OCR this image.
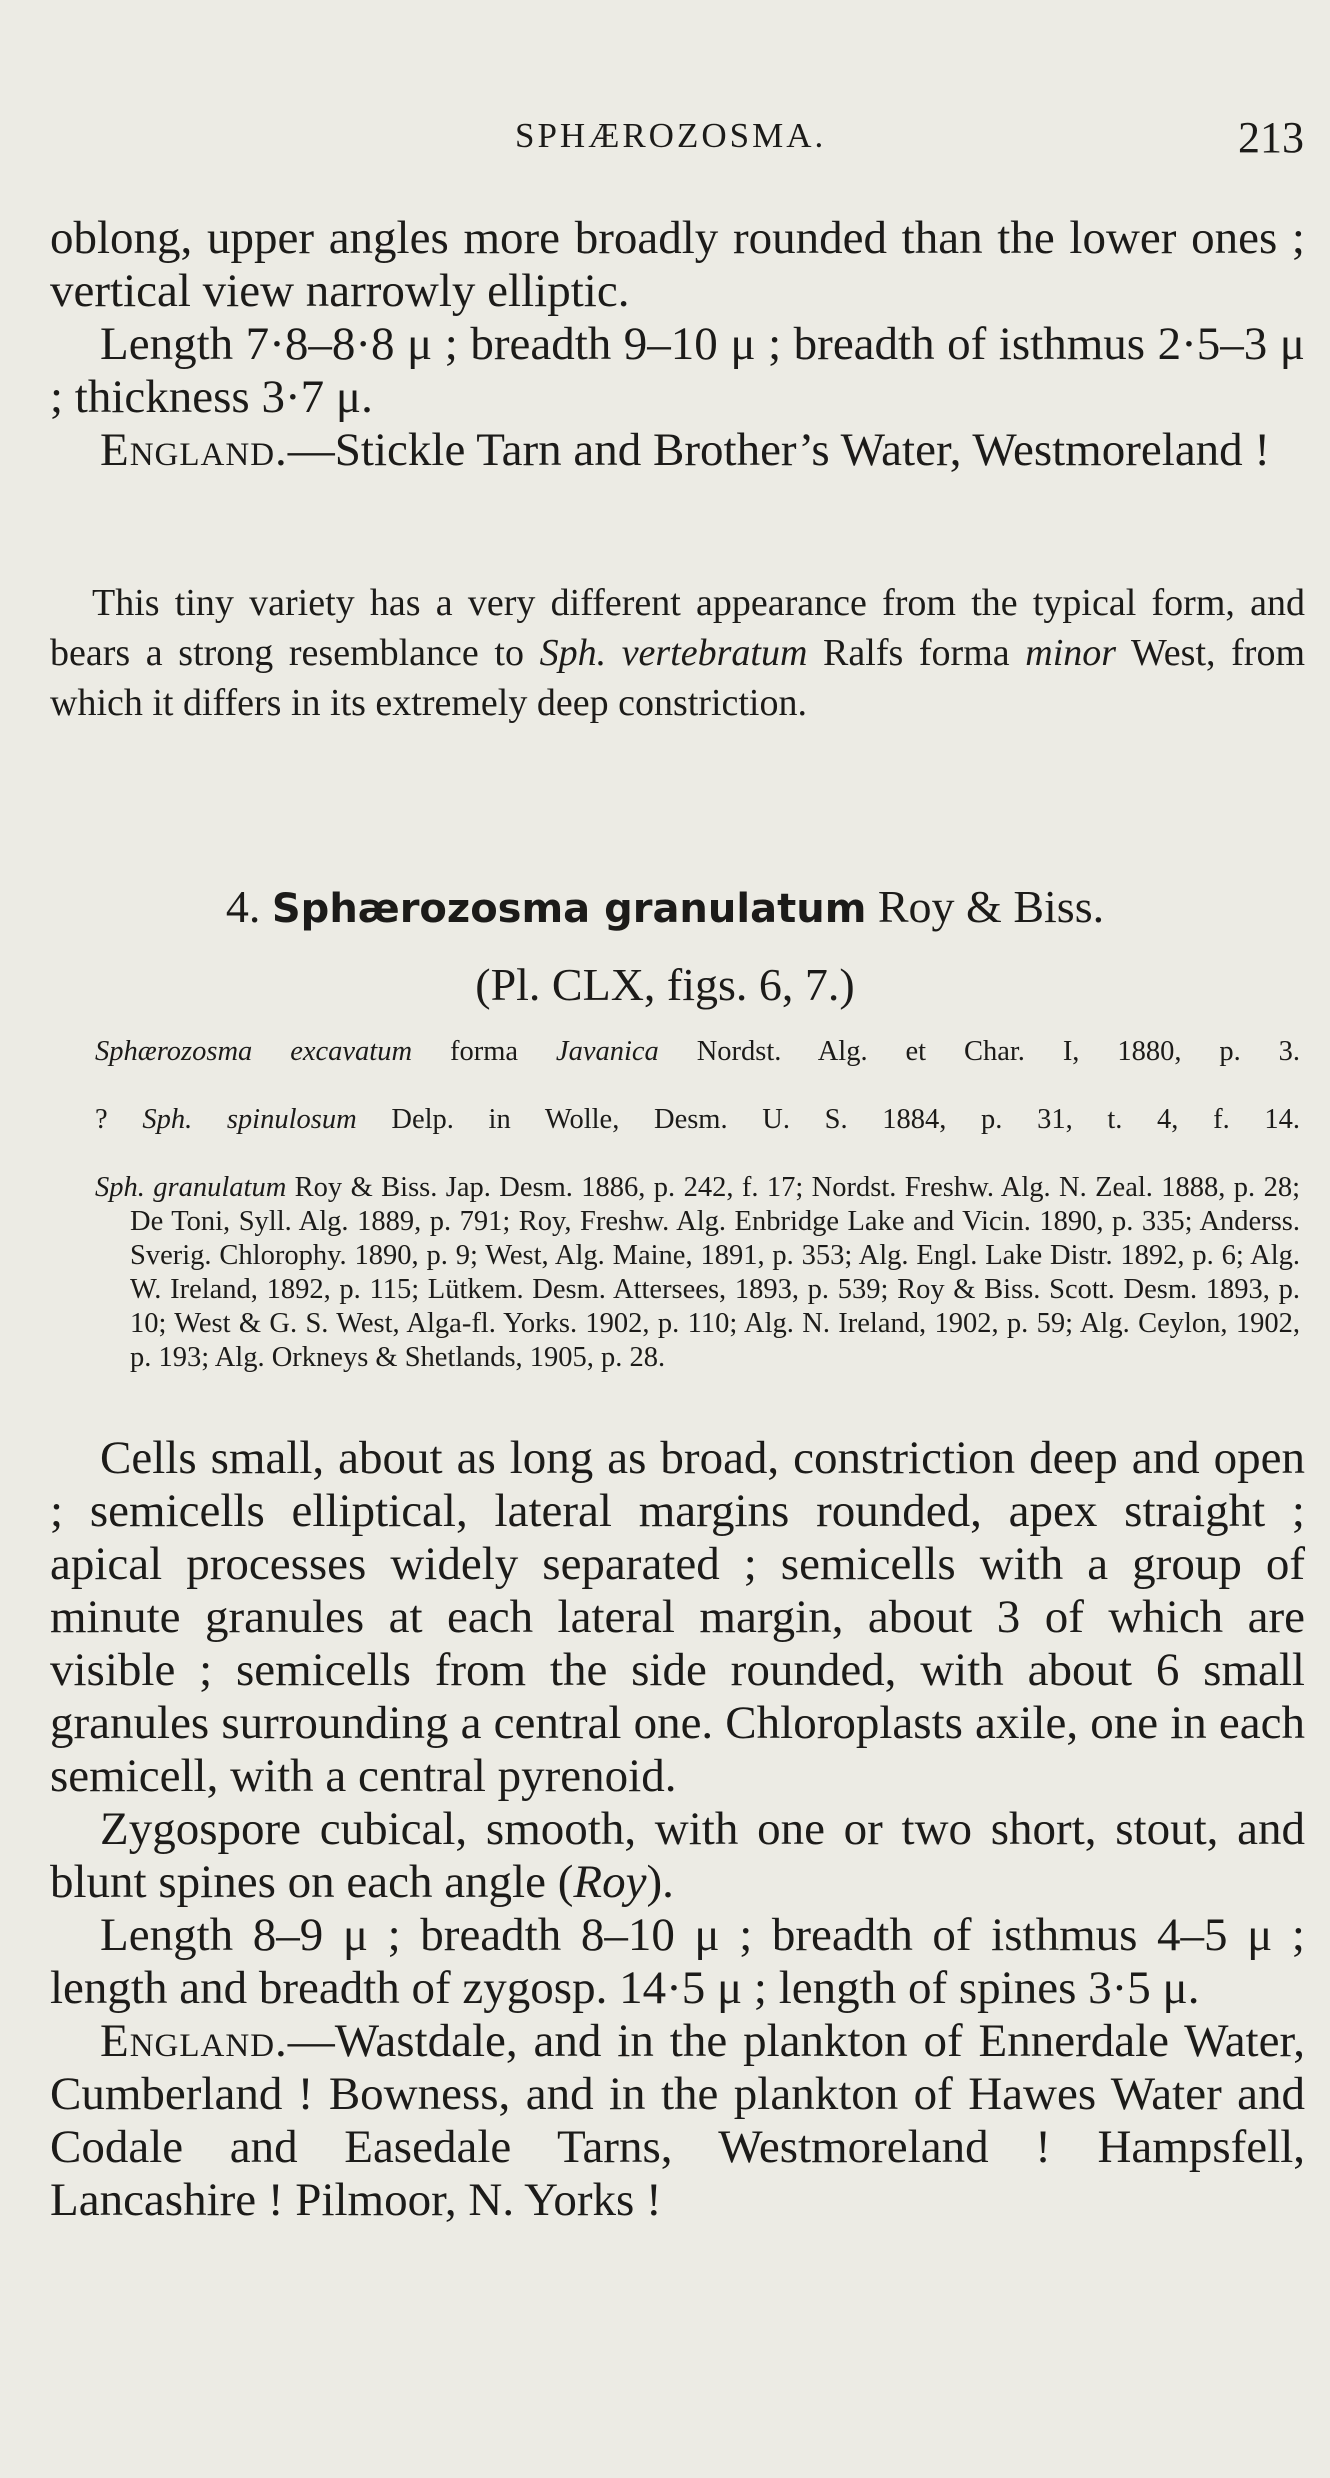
SPHÆROZOSMA.	213

oblong, upper angles more broadly rounded than the lower ones ; vertical view narrowly elliptic.

Length 7·8–8·8 μ ; breadth 9–10 μ ; breadth of isthmus 2·5–3 μ ; thickness 3·7 μ.

England.—Stickle Tarn and Brother’s Water, Westmoreland !

This tiny variety has a very different appearance from the typical form, and bears a strong resemblance to Sph. vertebratum Ralfs forma minor West, from which it differs in its extremely deep constriction.
4. Sphærozosma granulatum Roy & Biss.
(Pl. CLX, figs. 6, 7.)
Sphærozosma excavatum forma Javanica Nordst. Alg. et Char. I, 1880, p. 3.
? Sph. spinulosum Delp. in Wolle, Desm. U. S. 1884, p. 31, t. 4, f. 14.
Sph. granulatum Roy & Biss. Jap. Desm. 1886, p. 242, f. 17; Nordst. Freshw. Alg. N. Zeal. 1888, p. 28; De Toni, Syll. Alg. 1889, p. 791; Roy, Freshw. Alg. Enbridge Lake and Vicin. 1890, p. 335; Anderss. Sverig. Chlorophy. 1890, p. 9; West, Alg. Maine, 1891, p. 353; Alg. Engl. Lake Distr. 1892, p. 6; Alg. W. Ireland, 1892, p. 115; Lütkem. Desm. Attersees, 1893, p. 539; Roy & Biss. Scott. Desm. 1893, p. 10; West & G. S. West, Alga-fl. Yorks. 1902, p. 110; Alg. N. Ireland, 1902, p. 59; Alg. Ceylon, 1902, p. 193; Alg. Orkneys & Shetlands, 1905, p. 28.

Cells small, about as long as broad, constriction deep and open ; semicells elliptical, lateral margins rounded, apex straight ; apical processes widely separated ; semicells with a group of minute granules at each lateral margin, about 3 of which are visible ; semicells from the side rounded, with about 6 small granules surrounding a central one. Chloroplasts axile, one in each semicell, with a central pyrenoid.

Zygospore cubical, smooth, with one or two short, stout, and blunt spines on each angle (Roy).

Length 8–9 μ ; breadth 8–10 μ ; breadth of isthmus 4–5 μ ; length and breadth of zygosp. 14·5 μ ; length of spines 3·5 μ.

England.—Wastdale, and in the plankton of Ennerdale Water, Cumberland ! Bowness, and in the plankton of Hawes Water and Codale and Easedale Tarns, Westmoreland ! Hampsfell, Lancashire ! Pilmoor, N. Yorks !
